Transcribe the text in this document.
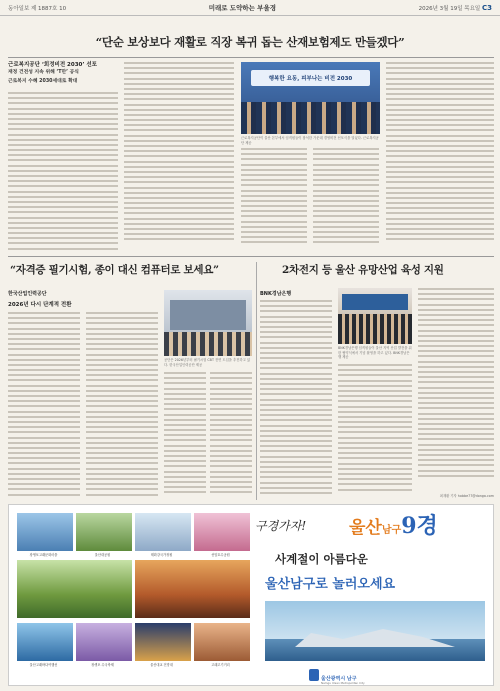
동아일보 제 1887호 10	미래로 도약하는 부울경	2026년 3월 19일 목요일 C3
“단순 보상보다 재활로 직장 복귀 돕는 산재보험제도 만들겠다”
근로복지공단 ‘회정비전 2030’ 선포
재정 건전성 지속 위해 ‘T만’ 공식
근로복지 수혜 2030세대로 확대	행복한 요동, 피부나는 비전 2030
근로복지공단이 울산 본부에서 임직원들이 참석한 가운데 경영비전 선포식을 열었다. 근로복지공단 제공
“자격증 필기시험, 종이 대신 컴퓨터로 보세요”
한국산업인력공단
2026년 다시 단계적 전환
공단은 2026년부터 필기시험 CBT 전면 도입을 추진하고 있다. 한국산업인력공단 제공
2차전지 등 울산 유망산업 육성 지원
BNK경남은행
BNK경남은행 임직원들이 울산 지역 산업 발전을 위한 협약식에서 기념 촬영을 하고 있다. BNK경남은행 제공
최재환 기자 hobbe77@donga.com
장생포고래문화마을	울산대공원	태화강국가정원	선암호수공원
울산고래바다여행선	장생포 수국축제	울산대교 전망대	고래고기거리
구경가자!	울산남구9경
사계절이 아름다운
울산남구로 놀러오세요
울산광역시 남구
Namgu Ulsan Metropolitan City
